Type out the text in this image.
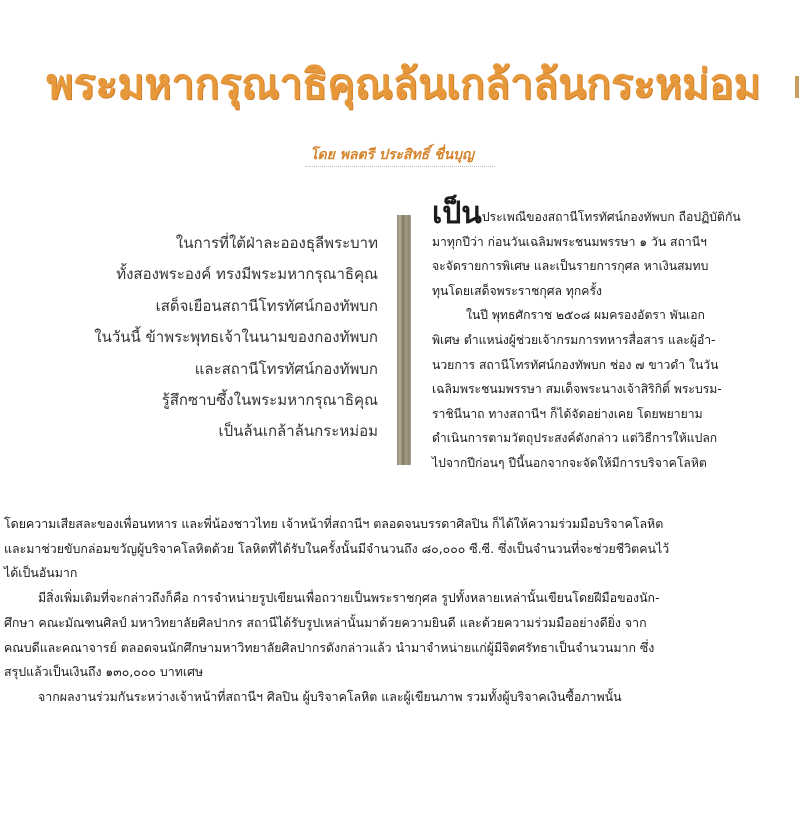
พระมหากรุณาธิคุณล้นเกล้าล้นกระหม่อม
โดย พลตรี ประสิทธิ์ ชื่นบุญ
ในการที่ใต้ฝ่าละอองธุลีพระบาท
ทั้งสองพระองค์ ทรงมีพระมหากรุณาธิคุณ
เสด็จเยือนสถานีโทรทัศน์กองทัพบก
ในวันนี้ ข้าพระพุทธเจ้าในนามของกองทัพบก
และสถานีโทรทัศน์กองทัพบก
รู้สึกซาบซึ้งในพระมหากรุณาธิคุณ
เป็นล้นเกล้าล้นกระหม่อม
เป็นประเพณีของสถานีโทรทัศน์กองทัพบก ถือปฏิบัติกัน
มาทุกปีว่า ก่อนวันเฉลิมพระชนมพรรษา ๑ วัน สถานีฯ
จะจัดรายการพิเศษ และเป็นรายการกุศล หาเงินสมทบ
ทุนโดยเสด็จพระราชกุศล ทุกครั้ง
ในปี พุทธศักราช ๒๕๐๘ ผมครองอัตรา พันเอก
พิเศษ ตำแหน่งผู้ช่วยเจ้ากรมการทหารสื่อสาร และผู้อำ-
นวยการ สถานีโทรทัศน์กองทัพบก ช่อง ๗ ขาวดำ ในวัน
เฉลิมพระชนมพรรษา สมเด็จพระนางเจ้าสิริกิติ์ พระบรม-
ราชินีนาถ ทางสถานีฯ ก็ได้จัดอย่างเคย โดยพยายาม
ดำเนินการตามวัตถุประสงค์ดังกล่าว แต่วิธีการให้แปลก
ไปจากปีก่อนๆ ปีนี้นอกจากจะจัดให้มีการบริจาคโลหิต
โดยความเสียสละของเพื่อนทหาร และพี่น้องชาวไทย เจ้าหน้าที่สถานีฯ ตลอดจนบรรดาศิลปิน ก็ได้ให้ความร่วมมือบริจาคโลหิต
และมาช่วยขับกล่อมขวัญผู้บริจาคโลหิตด้วย โลหิตที่ได้รับในครั้งนั้นมีจำนวนถึง ๘๐,๐๐๐ ซี.ซี. ซึ่งเป็นจำนวนที่จะช่วยชีวิตคนไว้
ได้เป็นอันมาก
มีสิ่งเพิ่มเติมที่จะกล่าวถึงก็คือ การจำหน่ายรูปเขียนเพื่อถวายเป็นพระราชกุศล รูปทั้งหลายเหล่านั้นเขียนโดยฝีมือของนัก-
ศึกษา คณะมัณฑนศิลป์ มหาวิทยาลัยศิลปากร สถานีได้รับรูปเหล่านั้นมาด้วยความยินดี และด้วยความร่วมมืออย่างดียิ่ง จาก
คณบดีและคณาจารย์ ตลอดจนนักศึกษามหาวิทยาลัยศิลปากรดังกล่าวแล้ว นำมาจำหน่ายแก่ผู้มีจิตศรัทธาเป็นจำนวนมาก ซึ่ง
สรุปแล้วเป็นเงินถึง ๑๓๐,๐๐๐ บาทเศษ
จากผลงานร่วมกันระหว่างเจ้าหน้าที่สถานีฯ ศิลปิน ผู้บริจาคโลหิต และผู้เขียนภาพ รวมทั้งผู้บริจาคเงินซื้อภาพนั้น
